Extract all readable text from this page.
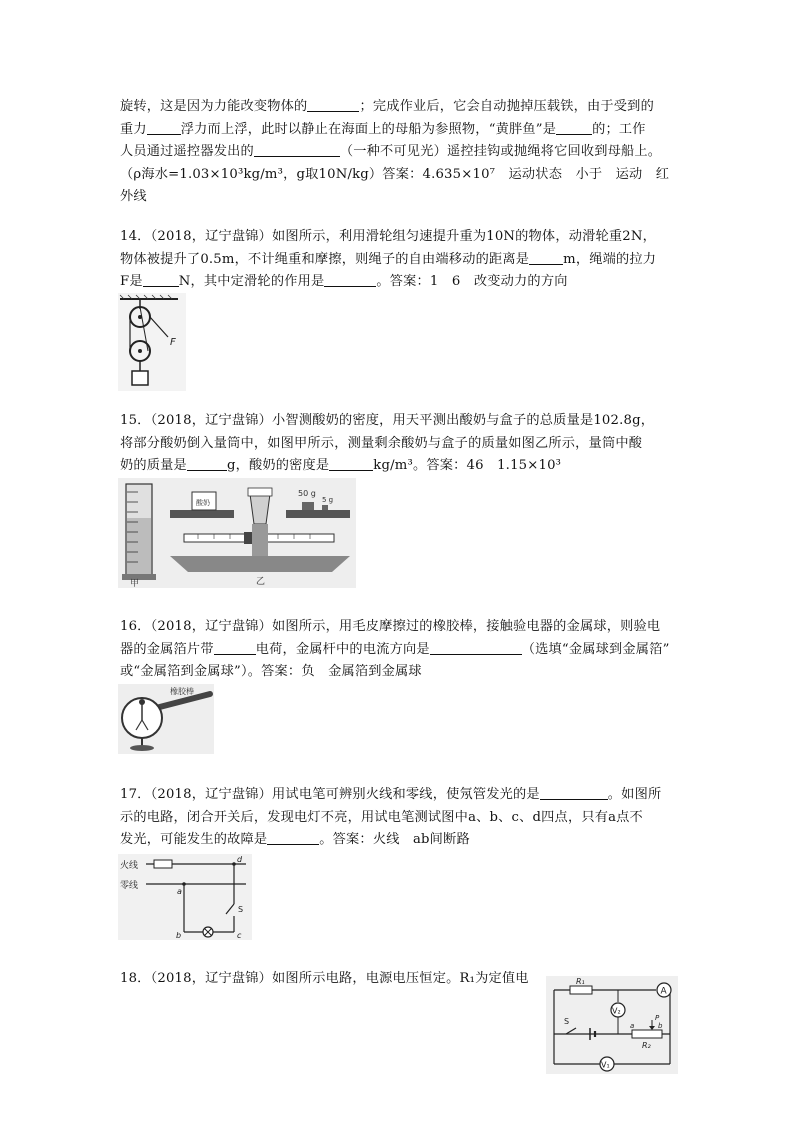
旋转，这是因为力能改变物体的	；完成作业后，它会自动抛掉压载铁，由于受到的
重力	浮力而上浮，此时以静止在海面上的母船为参照物，“黄胖鱼”是	的；工作
人员通过遥控器发出的	（一种不可见光）遥控挂钩或抛绳将它回收到母船上。
（ρ海水=1.03×10³kg/m³，g取10N/kg）答案：4.635×10⁷　运动状态　小于　运动　红
外线
14．（2018，辽宁盘锦）如图所示，利用滑轮组匀速提升重为10N的物体，动滑轮重2N，
物体被提升了0.5m，不计绳重和摩擦，则绳子的自由端移动的距离是	m，绳端的拉力
F是	N，其中定滑轮的作用是	。答案：1　6　改变动力的方向
F
15．（2018，辽宁盘锦）小智测酸奶的密度，用天平测出酸奶与盒子的总质量是102.8g，
将部分酸奶倒入量筒中，如图甲所示，测量剩余酸奶与盒子的质量如图乙所示，量筒中酸
奶的质量是	g，酸奶的密度是	kg/m³。答案：46　1.15×10³
甲
酸奶
50 g
5 g
乙
16．（2018，辽宁盘锦）如图所示，用毛皮摩擦过的橡胶棒，接触验电器的金属球，则验电
器的金属箔片带	电荷，金属杆中的电流方向是	（选填“金属球到金属箔”
或“金属箔到金属球”）。答案：负　金属箔到金属球
橡胶棒
17．（2018，辽宁盘锦）用试电笔可辨别火线和零线，使氖管发光的是	。如图所
示的电路，闭合开关后，发现电灯不亮，用试电笔测试图中a、b、c、d四点，只有a点不
发光，可能发生的故障是	。答案：火线　ab间断路
火线
零线
a
b	c
d
S
18．（2018，辽宁盘锦）如图所示电路，电源电压恒定。R₁为定值电	R₁
A
V₂
S	P
a	b
R₂
V₁
